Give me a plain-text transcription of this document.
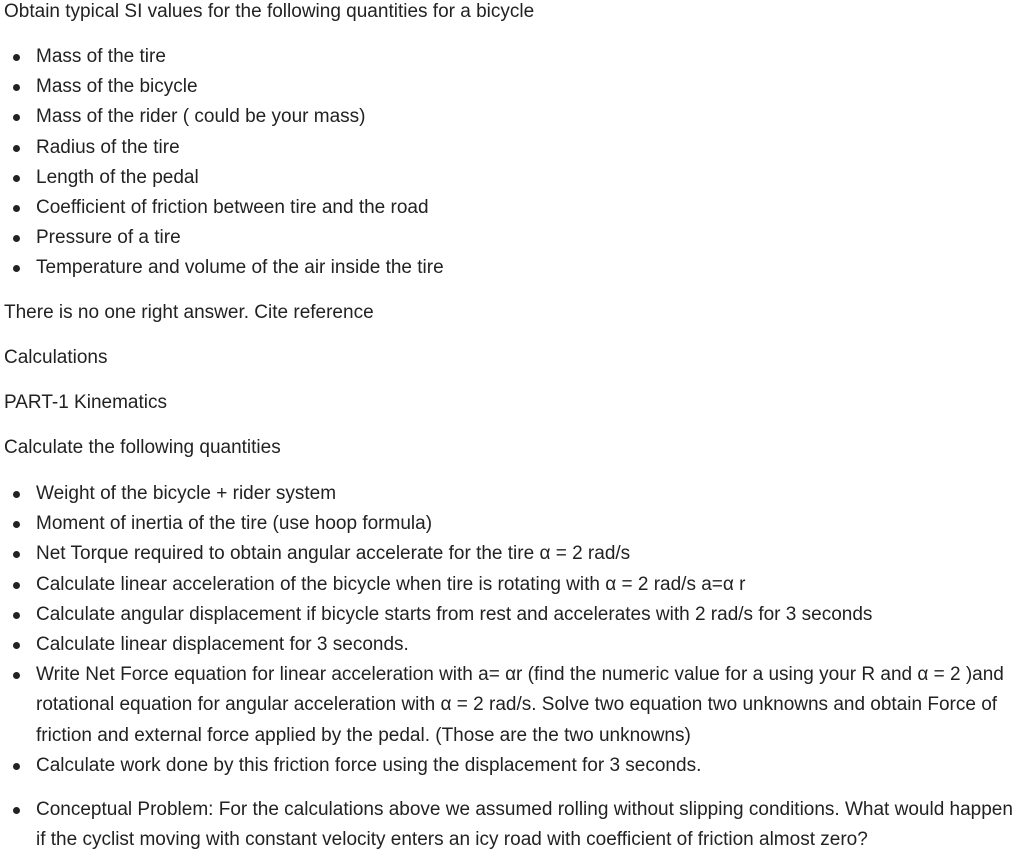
Obtain typical SI values for the following quantities for a bicycle

Mass of the tire
Mass of the bicycle
Mass of the rider ( could be your mass)
Radius of the tire
Length of the pedal
Coefficient of friction between tire and the road
Pressure of a tire
Temperature and volume of the air inside the tire

There is no one right answer. Cite reference

Calculations

PART-1 Kinematics

Calculate the following quantities

Weight of the bicycle + rider system
Moment of inertia of the tire (use hoop formula)
Net Torque required to obtain angular accelerate for the tire α = 2 rad/s
Calculate linear acceleration of the bicycle when tire is rotating with α = 2 rad/s a=α r
Calculate angular displacement if bicycle starts from rest and accelerates with 2 rad/s for 3 seconds
Calculate linear displacement for 3 seconds.
Write Net Force equation for linear acceleration with a= αr (find the numeric value for a using your R and α = 2 )and rotational equation for angular acceleration with α = 2 rad/s. Solve two equation two unknowns and obtain Force of friction and external force applied by the pedal. (Those are the two unknowns)
Calculate work done by this friction force using the displacement for 3 seconds.
Conceptual Problem: For the calculations above we assumed rolling without slipping conditions. What would happen if the cyclist moving with constant velocity enters an icy road with coefficient of friction almost zero?
